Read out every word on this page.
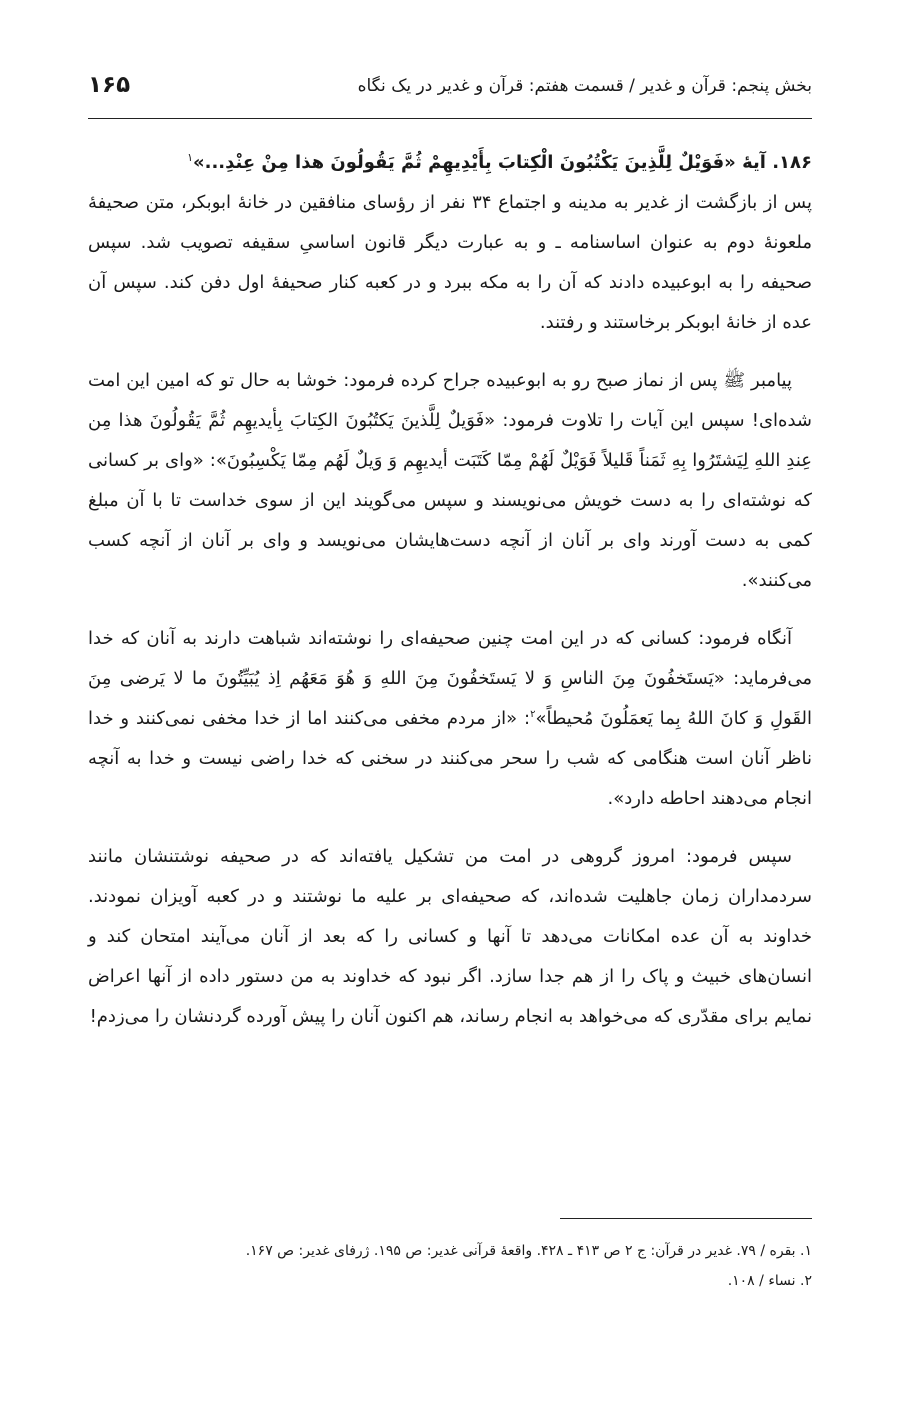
۱۶۵	بخش پنجم: قرآن و غدیر / قسمت هفتم: قرآن و غدیر در یک نگاه

۱۸۶. آیهٔ «فَوَیْلٌ لِلَّذِینَ یَکْتُبُونَ الْکِتابَ بِأَیْدِیهِمْ ثُمَّ یَقُولُونَ هذا مِنْ عِنْدِ...»$^۱$

پس از بازگشت از غدیر به مدینه و اجتماع ۳۴ نفر از رؤسای منافقین در خانهٔ ابوبکر، متن صحیفهٔ ملعونهٔ دوم به عنوان اساسنامه ـ و به عبارت دیگر قانون اساسیِ سقیفه تصویب شد. سپس صحیفه را به ابوعبیده دادند که آن را به مکه ببرد و در کعبه کنار صحیفهٔ اول دفن کند. سپس آن عده از خانهٔ ابوبکر برخاستند و رفتند.

پیامبر ﷺ پس از نماز صبح رو به ابوعبیده جراح کرده فرمود: خوشا به حال تو که امین این امت شده‌ای! سپس این آیات را تلاوت فرمود: «فَوَیلٌ لِلَّذینَ یَکتُبُونَ الکِتابَ بِأیدیهِم ثُمَّ یَقُولُونَ هذا مِن عِندِ اللهِ لِیَشتَرُوا بِهِ ثَمَناً قَلیلاً فَوَیْلٌ لَهُمْ مِمّا کَتَبَت أیدیهِم وَ وَیلٌ لَهُم مِمّا یَکْسِبُونَ»: «وای بر کسانی که نوشته‌ای را به دست خویش می‌نویسند و سپس می‌گویند این از سوی خداست تا با آن مبلغ کمی به دست آورند وای بر آنان از آنچه دست‌هایشان می‌نویسد و وای بر آنان از آنچه کسب می‌کنند».

آنگاه فرمود: کسانی که در این امت چنین صحیفه‌ای را نوشته‌اند شباهت دارند به آنان که خدا می‌فرماید: «یَستَخفُونَ مِنَ الناسِ وَ لا یَستَخفُونَ مِنَ اللهِ وَ هُوَ مَعَهُم اِذ یُبَیِّتُونَ ما لا یَرضی مِنَ القَولِ وَ کانَ اللهُ بِما یَعمَلُونَ مُحیطاً»$^۲$: «از مردم مخفی می‌کنند اما از خدا مخفی نمی‌کنند و خدا ناظر آنان است هنگامی که شب را سحر می‌کنند در سخنی که خدا راضی نیست و خدا به آنچه انجام می‌دهند احاطه دارد».

سپس فرمود: امروز گروهی در امت من تشکیل یافته‌اند که در صحیفه نوشتنشان مانند سردمداران زمان جاهلیت شده‌اند، که صحیفه‌ای بر علیه ما نوشتند و در کعبه آویزان نمودند. خداوند به آن عده امکانات می‌دهد تا آنها و کسانی را که بعد از آنان می‌آیند امتحان کند و انسان‌های خبیث و پاک را از هم جدا سازد. اگر نبود که خداوند به من دستور داده از آنها اعراض نمایم برای مقدّری که می‌خواهد به انجام رساند، هم اکنون آنان را پیش آورده گردنشان را می‌زدم!

۱. بقره / ۷۹. غدیر در قرآن: ج ۲ ص ۴۱۳ ـ ۴۲۸. واقعهٔ قرآنی غدیر: ص ۱۹۵. ژرفای غدیر: ص ۱۶۷.

۲. نساء / ۱۰۸.
